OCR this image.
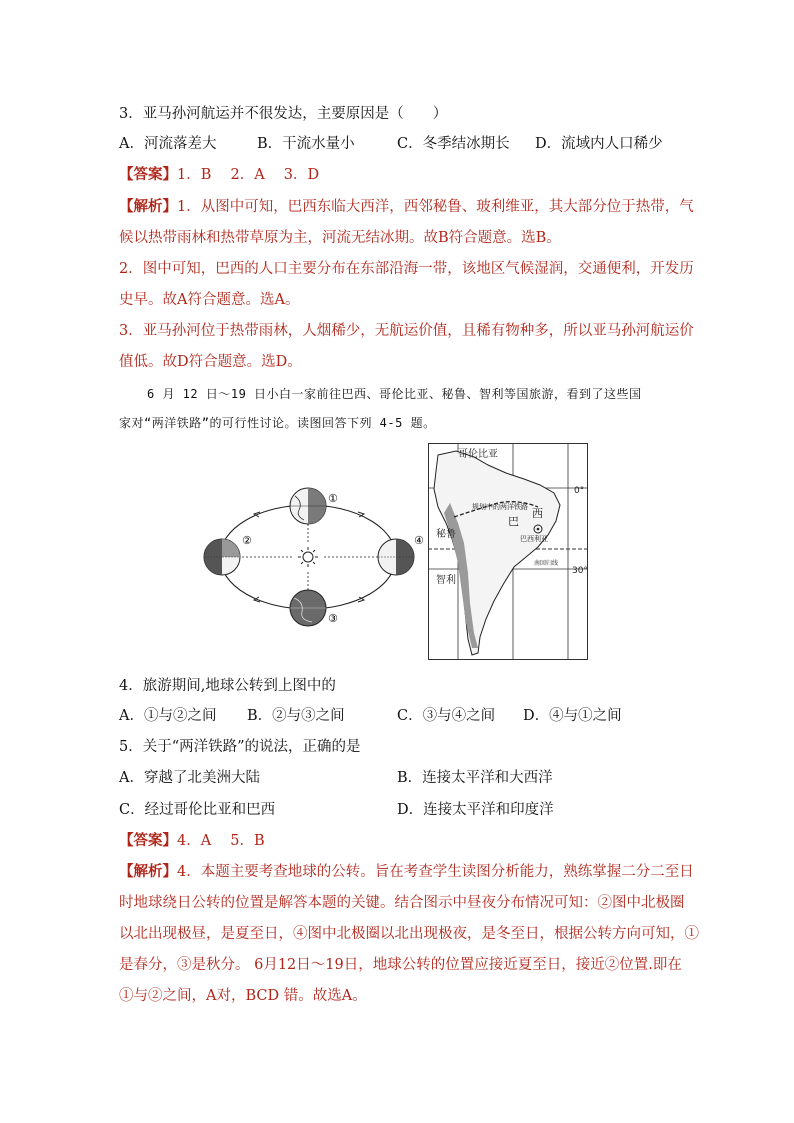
3．亚马孙河航运并不很发达，主要原因是（　　）
A．河流落差大	B．干流水量小	C．冬季结冰期长 D．流域内人口稀少
【答案】1．B　 2．A　 3．D
【解析】1．从图中可知，巴西东临大西洋，西邻秘鲁、玻利维亚，其大部分位于热带，气
候以热带雨林和热带草原为主，河流无结冰期。故B符合题意。选B。
2．图中可知，巴西的人口主要分布在东部沿海一带，该地区气候湿润，交通便利，开发历
史早。故A符合题意。选A。
3．亚马孙河位于热带雨林，人烟稀少，无航运价值，且稀有物种多，所以亚马孙河航运价
值低。故D符合题意。选D。
6 月 12 日～19 日小白一家前往巴西、哥伦比亚、秘鲁、智利等国旅游，看到了这些国
家对“两洋铁路”的可行性讨论。读图回答下列 4-5 题。
①
②
③
④
哥伦比亚
规划中的两洋铁路
巴
西
巴西利亚
秘鲁
智利
南回归线
0°
30°
4．旅游期间,地球公转到上图中的
A．①与②之间 B．②与③之间	C．③与④之间 D．④与①之间
5．关于“两洋铁路”的说法，正确的是
A．穿越了北美洲大陆	B．连接太平洋和大西洋
C．经过哥伦比亚和巴西	D．连接太平洋和印度洋
【答案】4．A　 5．B
【解析】4．本题主要考查地球的公转。旨在考查学生读图分析能力，熟练掌握二分二至日
时地球绕日公转的位置是解答本题的关键。结合图示中昼夜分布情况可知：②图中北极圈
以北出现极昼，是夏至日，④图中北极圈以北出现极夜，是冬至日，根据公转方向可知，①
是春分，③是秋分。 6月12日～19日，地球公转的位置应接近夏至日，接近②位置.即在
①与②之间，A对，BCD 错。故选A。
